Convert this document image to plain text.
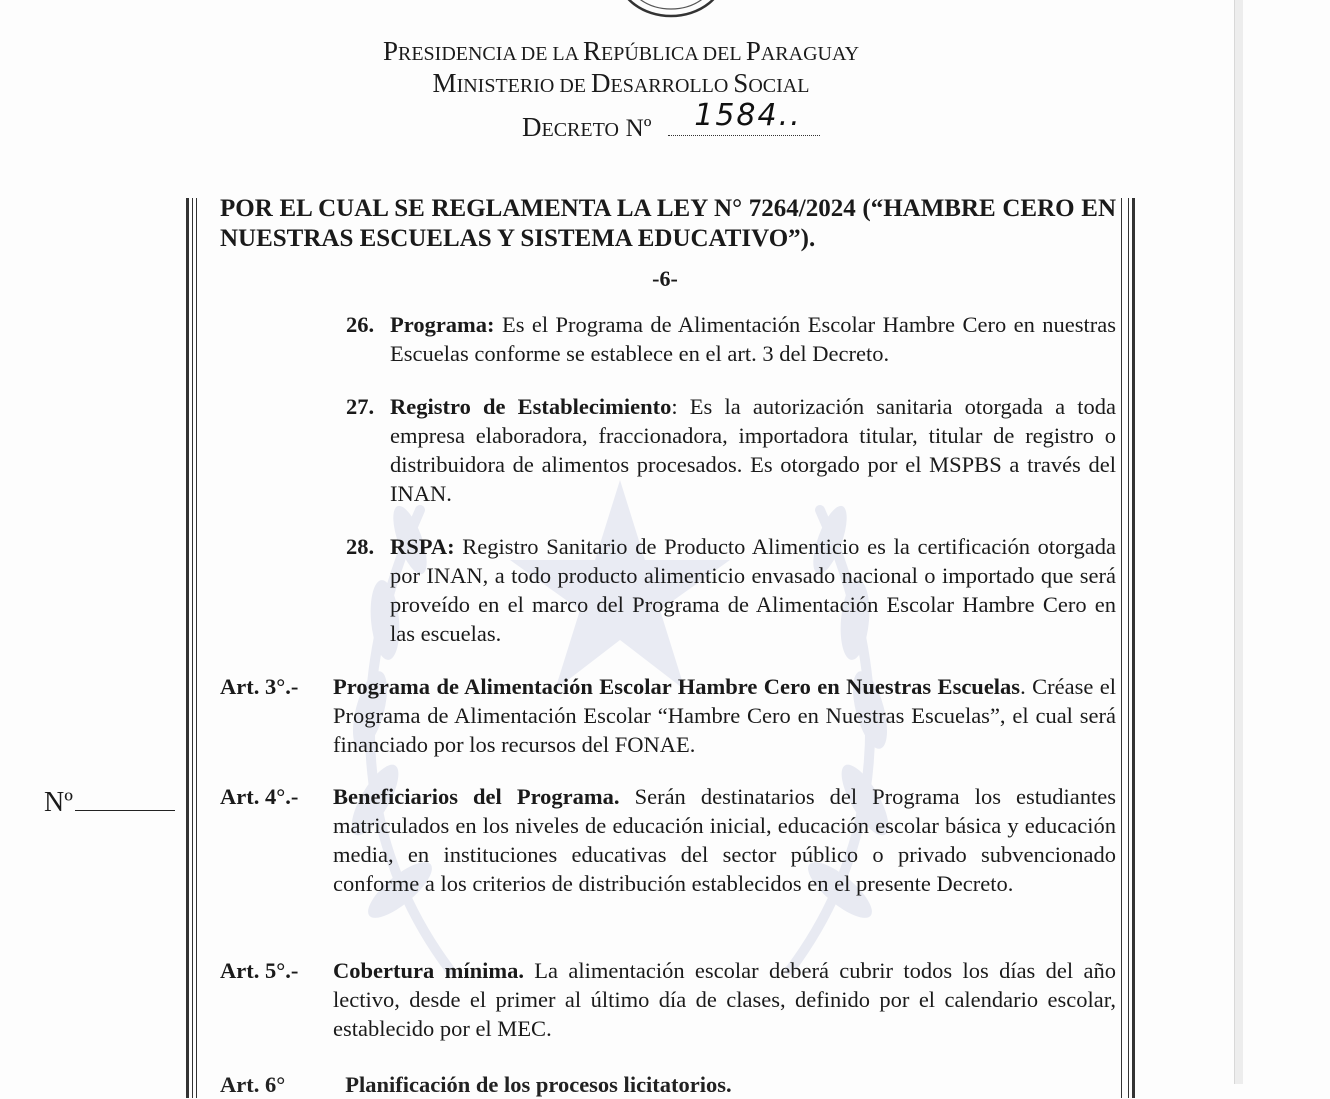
PRESIDENCIA DE LA REPÚBLICA DEL PARAGUAY
MINISTERIO DE DESARROLLO SOCIAL
DECRETO Nº 1584..
POR EL CUAL SE REGLAMENTA LA LEY N° 7264/2024 (“HAMBRE CERO EN NUESTRAS ESCUELAS Y SISTEMA EDUCATIVO”).
-6-
26. Programa: Es el Programa de Alimentación Escolar Hambre Cero en nuestras Escuelas conforme se establece en el art. 3 del Decreto.
27. Registro de Establecimiento: Es la autorización sanitaria otorgada a toda empresa elaboradora, fraccionadora, importadora titular, titular de registro o distribuidora de alimentos procesados. Es otorgado por el MSPBS a través del INAN.
28. RSPA: Registro Sanitario de Producto Alimenticio es la certificación otorgada por INAN, a todo producto alimenticio envasado nacional o importado que será proveído en el marco del Programa de Alimentación Escolar Hambre Cero en las escuelas.
Art. 3°.- Programa de Alimentación Escolar Hambre Cero en Nuestras Escuelas. Créase el Programa de Alimentación Escolar “Hambre Cero en Nuestras Escuelas”, el cual será financiado por los recursos del FONAE.
Art. 4°.- Beneficiarios del Programa. Serán destinatarios del Programa los estudiantes matriculados en los niveles de educación inicial, educación escolar básica y educación media, en instituciones educativas del sector público o privado subvencionado conforme a los criterios de distribución establecidos en el presente Decreto.
Art. 5°.- Cobertura mínima. La alimentación escolar deberá cubrir todos los días del año lectivo, desde el primer al último día de clases, definido por el calendario escolar, establecido por el MEC.
Nº
Art. 6°	Planificación de los procesos licitatorios.
